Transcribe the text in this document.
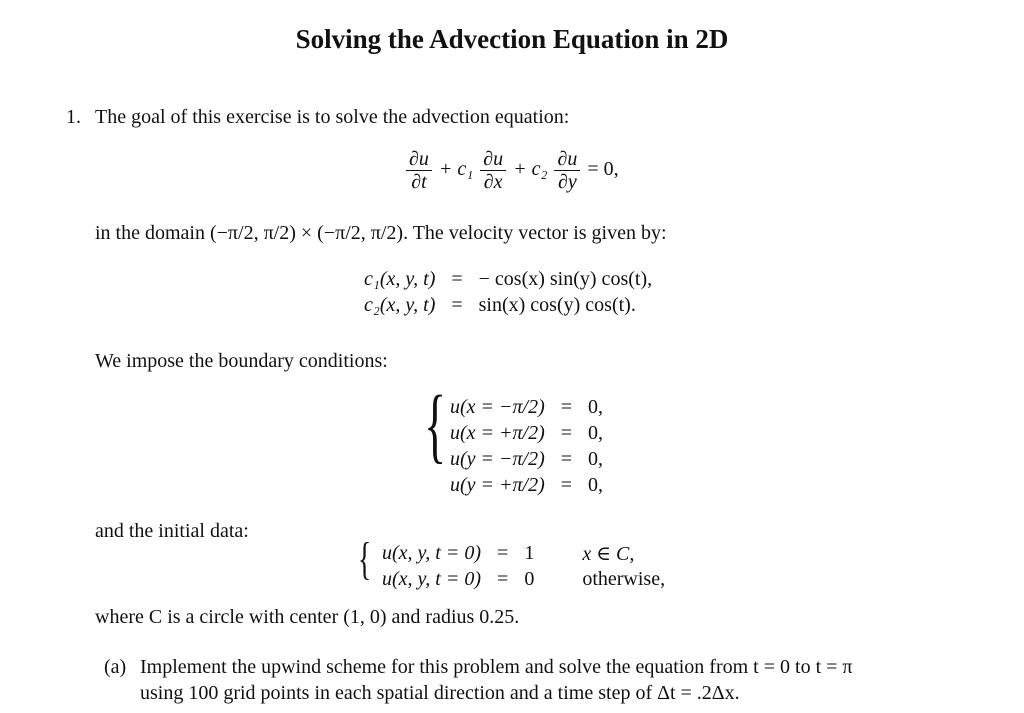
Solving the Advection Equation in 2D
1. The goal of this exercise is to solve the advection equation:
$\frac{\partial u}{\partial t} + c_1 \frac{\partial u}{\partial x} + c_2 \frac{\partial u}{\partial y} = 0$,
in the domain (−π/2, π/2) × (−π/2, π/2). The velocity vector is given by:
c₁(x, y, t)	=	− cos(x) sin(y) cos(t),
c₂(x, y, t)	=	sin(x) cos(y) cos(t).
We impose the boundary conditions:
{ u(x = −π/2)	=	0,
u(x = +π/2)	=	0,
u(y = −π/2)	=	0,
u(y = +π/2)	=	0,
and the initial data:
{ u(x, y, t = 0)	=	1	x ∈ C,
u(x, y, t = 0)	=	0	otherwise,
where C is a circle with center (1, 0) and radius 0.25.
(a) Implement the upwind scheme for this problem and solve the equation from t = 0 to t = π
using 100 grid points in each spatial direction and a time step of Δt = .2Δx.
